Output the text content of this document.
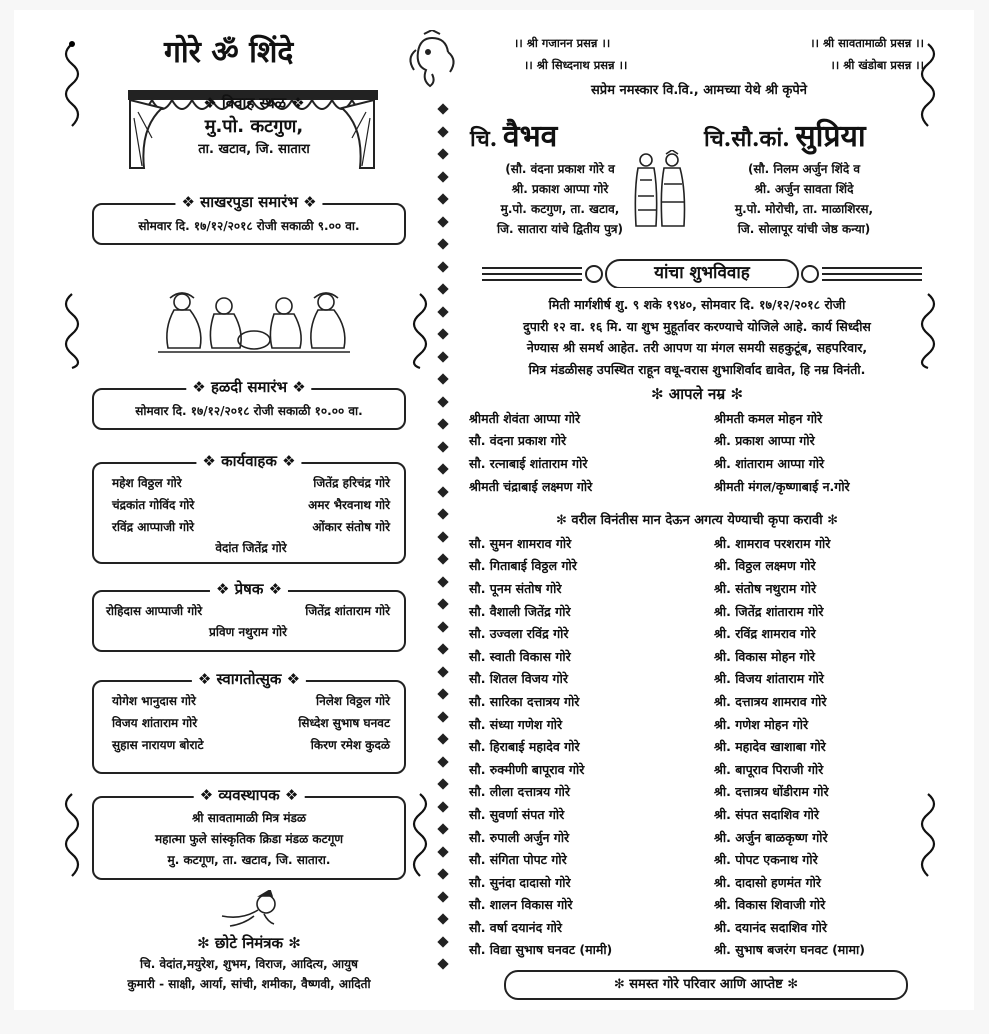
गोरे ॐ शिंदे
❖ विवाह स्थळ ❖
मु.पो. कटगुण,
ता. खटाव, जि. सातारा
❖ साखरपुडा समारंभ ❖
सोमवार दि. १७/१२/२०१८ रोजी सकाळी ९.०० वा.
❖ हळदी समारंभ ❖
सोमवार दि. १७/१२/२०१८ रोजी सकाळी १०.०० वा.
❖ कार्यवाहक ❖
महेश विठ्ठल गोरे	जितेंद्र हरिचंद्र गोरे
चंद्रकांत गोविंद गोरे	अमर भैरवनाथ गोरे
रविंद्र आप्पाजी गोरे	ओंकार संतोष गोरे
वेदांत जितेंद्र गोरे
❖ प्रेषक ❖
रोहिदास आप्पाजी गोरे	जितेंद्र शांताराम गोरे
प्रविण नथुराम गोरे
❖ स्वागतोत्सुक ❖
योगेश भानुदास गोरे	निलेश विठ्ठल गोरे
विजय शांताराम गोरे	सिध्देश सुभाष घनवट
सुहास नारायण बोराटे	किरण रमेश कुदळे
❖ व्यवस्थापक ❖
श्री सावतामाळी मित्र मंडळ
महात्मा फुले सांस्कृतिक क्रिडा मंडळ कटगूण
मु. कटगूण, ता. खटाव, जि. सातारा.
✻ छोटे निमंत्रक ✻
चि. वेदांत,मयुरेश, शुभम, विराज, आदित्य, आयुष
कुमारी - साक्षी, आर्या, सांची, शमीका, वैष्णवी, आदिती
।। श्री गजानन प्रसन्न ।।	।। श्री सावतामाळी प्रसन्न ।।
।। श्री सिध्दनाथ प्रसन्न ।।	।। श्री खंडोबा प्रसन्न ।।
सप्रेम नमस्कार वि.वि., आमच्या येथे श्री कृपेने
चि. वैभव
(सौ. वंदना प्रकाश गोरे व
श्री. प्रकाश आप्पा गोरे
मु.पो. कटगुण, ता. खटाव,
जि. सातारा यांचे द्वितीय पुत्र)
चि.सौ.कां. सुप्रिया
(सौ. निलम अर्जुन शिंदे व
श्री. अर्जुन सावता शिंदे
मु.पो. मोरोची, ता. माळाशिरस,
जि. सोलापूर यांची जेष्ठ कन्या)
यांचा शुभविवाह
मिती मार्गशीर्ष शु. ९ शके १९४०, सोमवार दि. १७/१२/२०१८ रोजी
दुपारी १२ वा. १६ मि. या शुभ मुहूर्तावर करण्याचे योजिले आहे. कार्य सिध्दीस
नेण्यास श्री समर्थ आहेत. तरी आपण या मंगल समयी सहकुटूंब, सहपरिवार,
मित्र मंडळीसह उपस्थित राहून वधू-वरास शुभाशिर्वाद द्यावेत, हि नम्र विनंती.
✻ आपले नम्र ✻
श्रीमती शेवंता आप्पा गोरे	श्रीमती कमल मोहन गोरे
सौ. वंदना प्रकाश गोरे	श्री. प्रकाश आप्पा गोरे
सौ. रत्नाबाई शांताराम गोरे	श्री. शांताराम आप्पा गोरे
श्रीमती चंद्राबाई लक्ष्मण गोरे	श्रीमती मंगल/कृष्णाबाई न.गोरे
✻ वरील विनंतीस मान देऊन अगत्य येण्याची कृपा करावी ✻
सौ. सुमन शामराव गोरे	श्री. शामराव परशराम गोरे
सौ. गिताबाई विठ्ठल गोरे	श्री. विठ्ठल लक्ष्मण गोरे
सौ. पूनम संतोष गोरे	श्री. संतोष नथुराम गोरे
सौ. वैशाली जितेंद्र गोरे	श्री. जितेंद्र शांताराम गोरे
सौ. उज्वला रविंद्र गोरे	श्री. रविंद्र शामराव गोरे
सौ. स्वाती विकास गोरे	श्री. विकास मोहन गोरे
सौ. शितल विजय गोरे	श्री. विजय शांताराम गोरे
सौ. सारिका दत्तात्रय गोरे	श्री. दत्तात्रय शामराव गोरे
सौ. संध्या गणेश गोरे	श्री. गणेश मोहन गोरे
सौ. हिराबाई महादेव गोरे	श्री. महादेव खाशाबा गोरे
सौ. रुक्मीणी बापूराव गोरे	श्री. बापूराव पिराजी गोरे
सौ. लीला दत्तात्रय गोरे	श्री. दत्तात्रय धोंडीराम गोरे
सौ. सुवर्णा संपत गोरे	श्री. संपत सदाशिव गोरे
सौ. रुपाली अर्जुन गोरे	श्री. अर्जुन बाळकृष्ण गोरे
सौ. संगिता पोपट गोरे	श्री. पोपट एकनाथ गोरे
सौ. सुनंदा दादासो गोरे	श्री. दादासो हणमंत गोरे
सौ. शालन विकास गोरे	श्री. विकास शिवाजी गोरे
सौ. वर्षा दयानंद गोरे	श्री. दयानंद सदाशिव गोरे
सौ. विद्या सुभाष घनवट (मामी)	श्री. सुभाष बजरंग घनवट (मामा)
✻ समस्त गोरे परिवार आणि आप्तेष्ट ✻
